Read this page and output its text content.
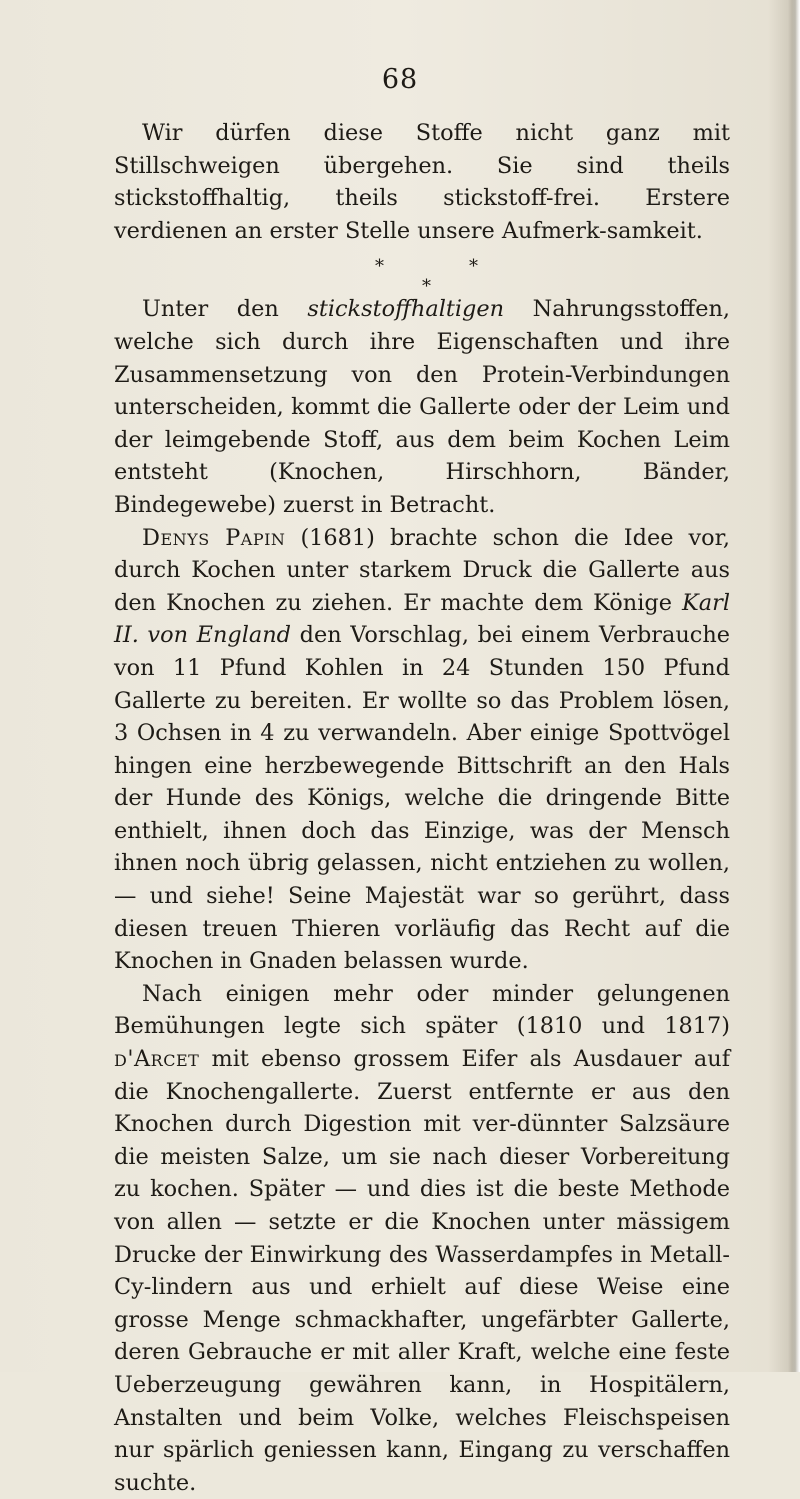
68

Wir dürfen diese Stoffe nicht ganz mit Stillschweigen übergehen. Sie sind theils stickstoffhaltig, theils stickstoff-frei. Erstere verdienen an erster Stelle unsere Aufmerk-samkeit.

*	*
*

Unter den stickstoffhaltigen Nahrungsstoffen, welche sich durch ihre Eigenschaften und ihre Zusammensetzung von den Protein-Verbindungen unterscheiden, kommt die Gallerte oder der Leim und der leimgebende Stoff, aus dem beim Kochen Leim entsteht (Knochen, Hirschhorn, Bänder, Bindegewebe) zuerst in Betracht.

Denys Papin (1681) brachte schon die Idee vor, durch Kochen unter starkem Druck die Gallerte aus den Knochen zu ziehen. Er machte dem Könige Karl II. von England den Vorschlag, bei einem Verbrauche von 11 Pfund Kohlen in 24 Stunden 150 Pfund Gallerte zu bereiten. Er wollte so das Problem lösen, 3 Ochsen in 4 zu verwandeln. Aber einige Spottvögel hingen eine herzbewegende Bittschrift an den Hals der Hunde des Königs, welche die dringende Bitte enthielt, ihnen doch das Einzige, was der Mensch ihnen noch übrig gelassen, nicht entziehen zu wollen, — und siehe! Seine Majestät war so gerührt, dass diesen treuen Thieren vorläufig das Recht auf die Knochen in Gnaden belassen wurde.

Nach einigen mehr oder minder gelungenen Bemühungen legte sich später (1810 und 1817) d'Arcet mit ebenso grossem Eifer als Ausdauer auf die Knochengallerte. Zuerst entfernte er aus den Knochen durch Digestion mit ver-dünnter Salzsäure die meisten Salze, um sie nach dieser Vorbereitung zu kochen. Später — und dies ist die beste Methode von allen — setzte er die Knochen unter mässigem Drucke der Einwirkung des Wasserdampfes in Metall-Cy-lindern aus und erhielt auf diese Weise eine grosse Menge schmackhafter, ungefärbter Gallerte, deren Gebrauche er mit aller Kraft, welche eine feste Ueberzeugung gewähren kann, in Hospitälern, Anstalten und beim Volke, welches Fleischspeisen nur spärlich geniessen kann, Eingang zu verschaffen suchte.
